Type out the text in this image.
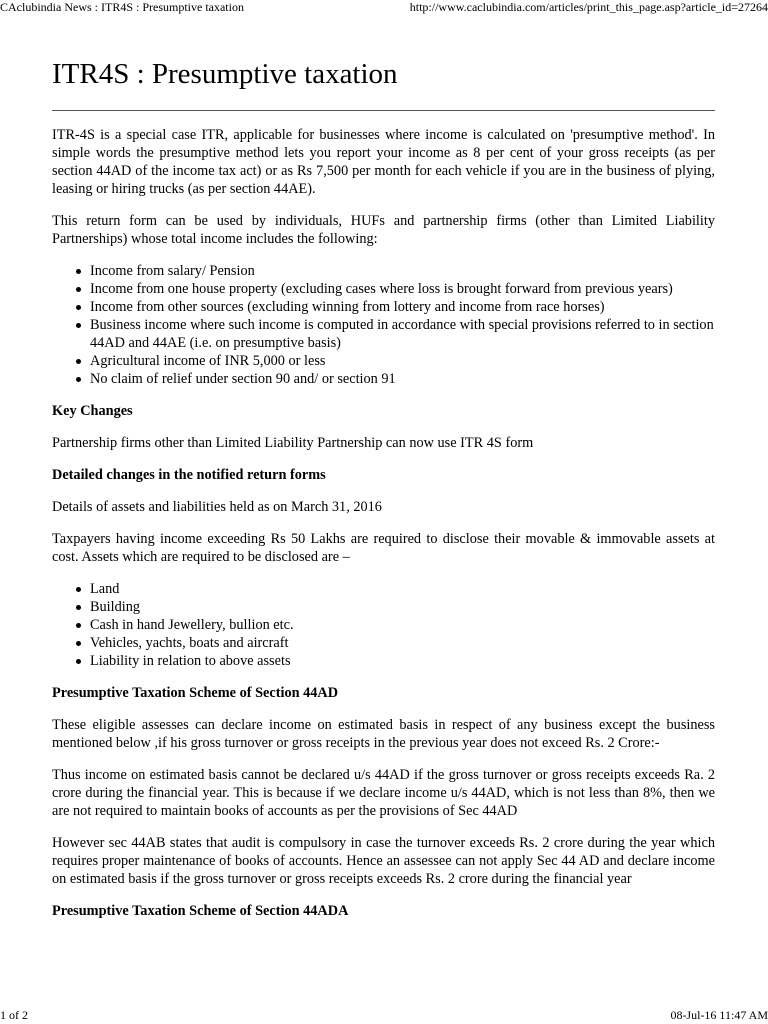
CAclubindia News : ITR4S : Presumptive taxation	http://www.caclubindia.com/articles/print_this_page.asp?article_id=27264
ITR4S : Presumptive taxation

ITR-4S is a special case ITR, applicable for businesses where income is calculated on 'presumptive method'. In simple words the presumptive method lets you report your income as 8 per cent of your gross receipts (as per section 44AD of the income tax act) or as Rs 7,500 per month for each vehicle if you are in the business of plying, leasing or hiring trucks (as per section 44AE).

This return form can be used by individuals, HUFs and partnership firms (other than Limited Liability Partnerships) whose total income includes the following:

Income from salary/ Pension
Income from one house property (excluding cases where loss is brought forward from previous years)
Income from other sources (excluding winning from lottery and income from race horses)
Business income where such income is computed in accordance with special provisions referred to in section 44AD and 44AE (i.e. on presumptive basis)
Agricultural income of INR 5,000 or less
No claim of relief under section 90 and/ or section 91
Key Changes

Partnership firms other than Limited Liability Partnership can now use ITR 4S form

Detailed changes in the notified return forms

Details of assets and liabilities held as on March 31, 2016

Taxpayers having income exceeding Rs 50 Lakhs are required to disclose their movable & immovable assets at cost. Assets which are required to be disclosed are –

Land
Building
Cash in hand Jewellery, bullion etc.
Vehicles, yachts, boats and aircraft
Liability in relation to above assets
Presumptive Taxation Scheme of Section 44AD

These eligible assesses can declare income on estimated basis in respect of any business except the business mentioned below ,if his gross turnover or gross receipts in the previous year does not exceed Rs. 2 Crore:-

Thus income on estimated basis cannot be declared u/s 44AD if the gross turnover or gross receipts exceeds Ra. 2 crore during the financial year. This is because if we declare income u/s 44AD, which is not less than 8%, then we are not required to maintain books of accounts as per the provisions of Sec 44AD

However sec 44AB states that audit is compulsory in case the turnover exceeds Rs. 2 crore during the year which requires proper maintenance of books of accounts. Hence an assessee can not apply Sec 44 AD and declare income on estimated basis if the gross turnover or gross receipts exceeds Rs. 2 crore during the financial year

Presumptive Taxation Scheme of Section 44ADA
1 of 2	08-Jul-16 11:47 AM
